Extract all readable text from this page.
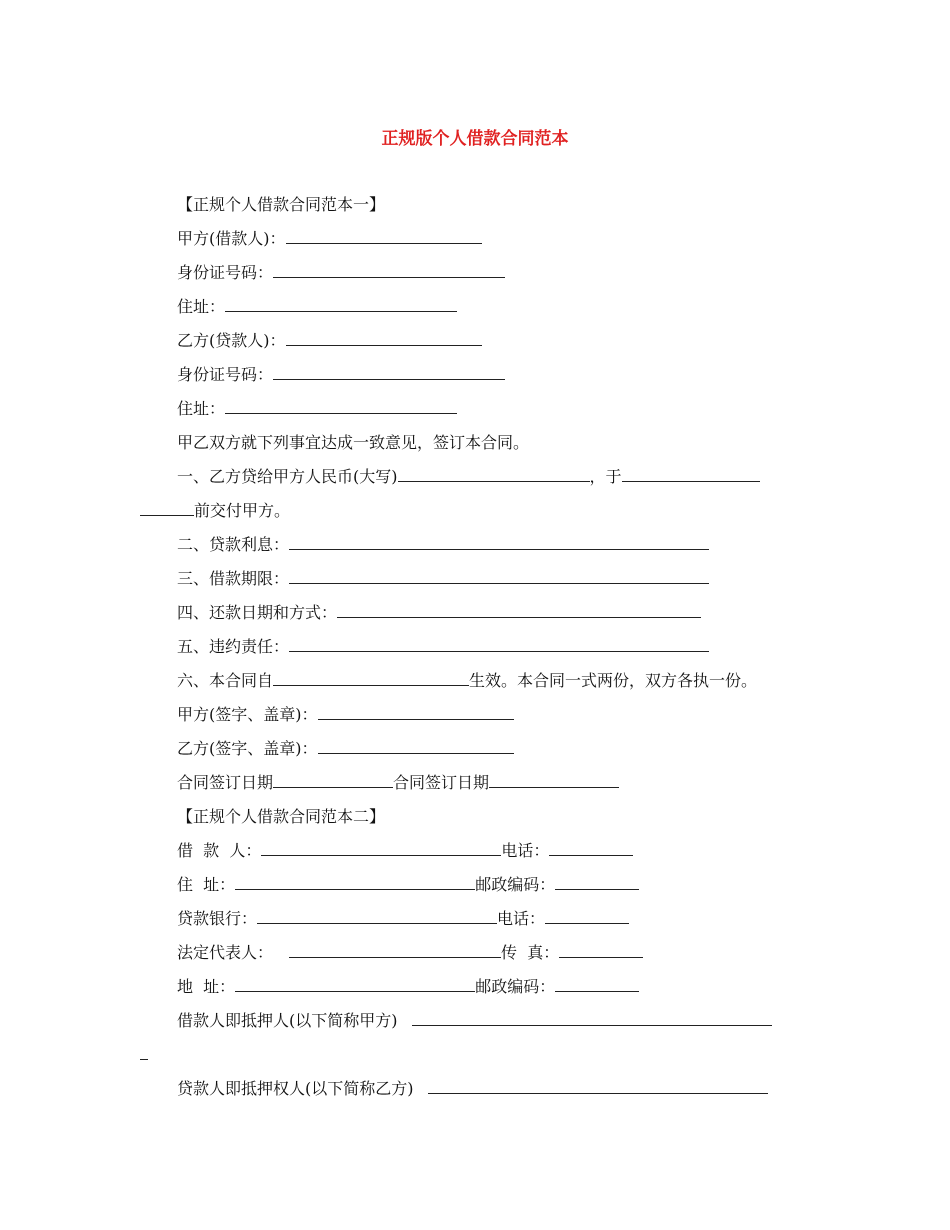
正规版个人借款合同范本
【正规个人借款合同范本一】
甲方(借款人)：
身份证号码：
住址：
乙方(贷款人)：
身份证号码：
住址：
甲乙双方就下列事宜达成一致意见，签订本合同。
一、乙方贷给甲方人民币(大写)	，于
前交付甲方。
二、贷款利息：
三、借款期限：
四、还款日期和方式：
五、违约责任：
六、本合同自	生效。本合同一式两份，双方各执一份。
甲方(签字、盖章)：
乙方(签字、盖章)：
合同签订日期	合同签订日期
【正规个人借款合同范本二】
借  款  人：	电话：
住  址：	邮政编码：
贷款银行：	电话：
法定代表人：	传  真：
地  址：	邮政编码：
借款人即抵押人(以下简称甲方)
贷款人即抵押权人(以下简称乙方)
